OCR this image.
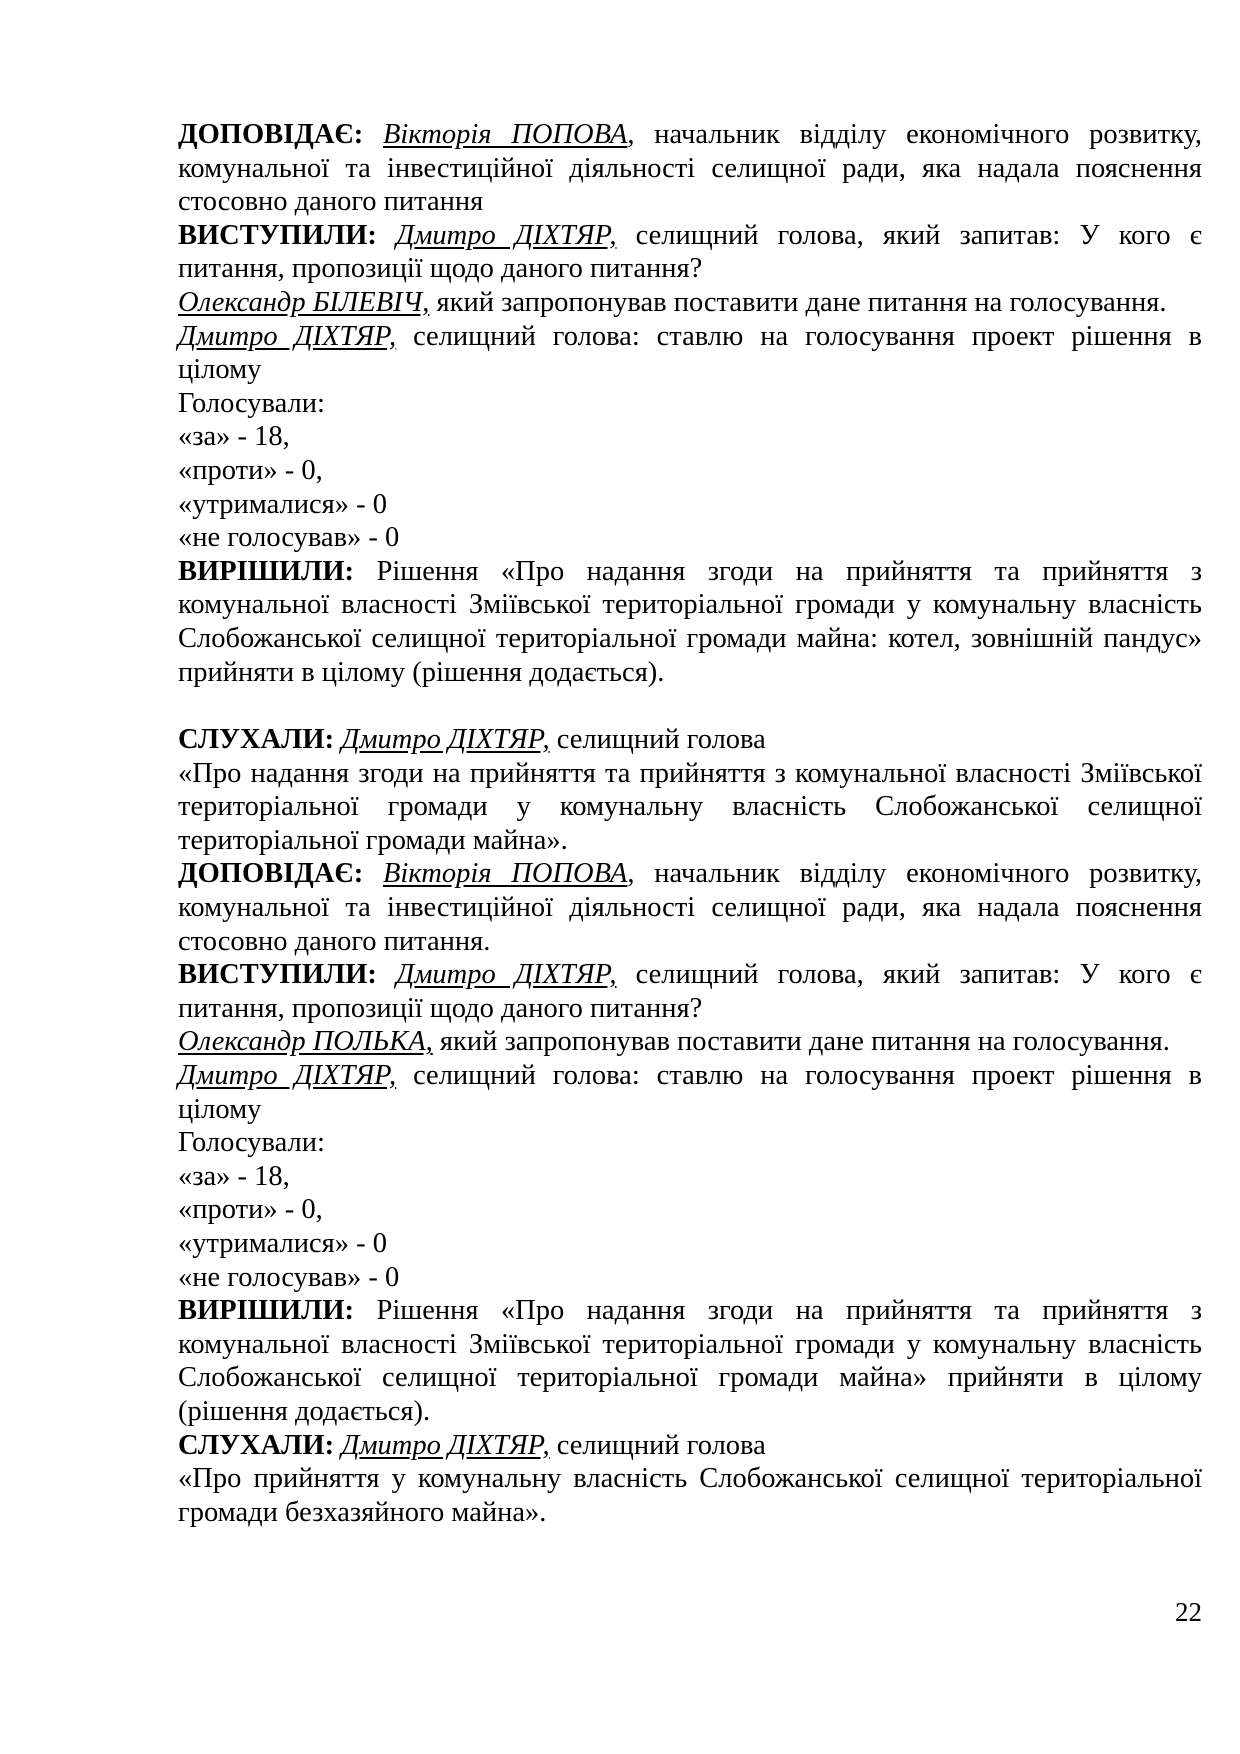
ДОПОВІДАЄ: Вікторія ПОПОВА, начальник відділу економічного розвитку, комунальної та інвестиційної діяльності селищної ради, яка надала пояснення стосовно даного питання

ВИСТУПИЛИ: Дмитро ДІХТЯР, селищний голова, який запитав: У кого є питання, пропозиції щодо даного питання?

Олександр БІЛЕВІЧ, який запропонував поставити дане питання на голосування.

Дмитро ДІХТЯР, селищний голова: ставлю на голосування проект рішення в цілому

Голосували:

«за» - 18,

«проти» - 0,

«утрималися» - 0

«не голосував» - 0

ВИРІШИЛИ: Рішення «Про надання згоди на прийняття та прийняття з комунальної власності Зміївської територіальної громади у комунальну власність Слобожанської селищної територіальної громади майна: котел, зовнішній пандус» прийняти в цілому (рішення додається).

СЛУХАЛИ: Дмитро ДІХТЯР, селищний голова

«Про надання згоди на прийняття та прийняття з комунальної власності Зміївської територіальної громади у комунальну власність Слобожанської селищної територіальної громади майна».

ДОПОВІДАЄ: Вікторія ПОПОВА, начальник відділу економічного розвитку, комунальної та інвестиційної діяльності селищної ради, яка надала пояснення стосовно даного питання.

ВИСТУПИЛИ: Дмитро ДІХТЯР, селищний голова, який запитав: У кого є питання, пропозиції щодо даного питання?

Олександр ПОЛЬКА, який запропонував поставити дане питання на голосування.

Дмитро ДІХТЯР, селищний голова: ставлю на голосування проект рішення в цілому

Голосували:

«за» - 18,

«проти» - 0,

«утрималися» - 0

«не голосував» - 0

ВИРІШИЛИ: Рішення «Про надання згоди на прийняття та прийняття з комунальної власності Зміївської територіальної громади у комунальну власність Слобожанської селищної територіальної громади майна» прийняти в цілому (рішення додається).

СЛУХАЛИ: Дмитро ДІХТЯР, селищний голова

«Про прийняття у комунальну власність Слобожанської селищної територіальної громади безхазяйного майна».

22
